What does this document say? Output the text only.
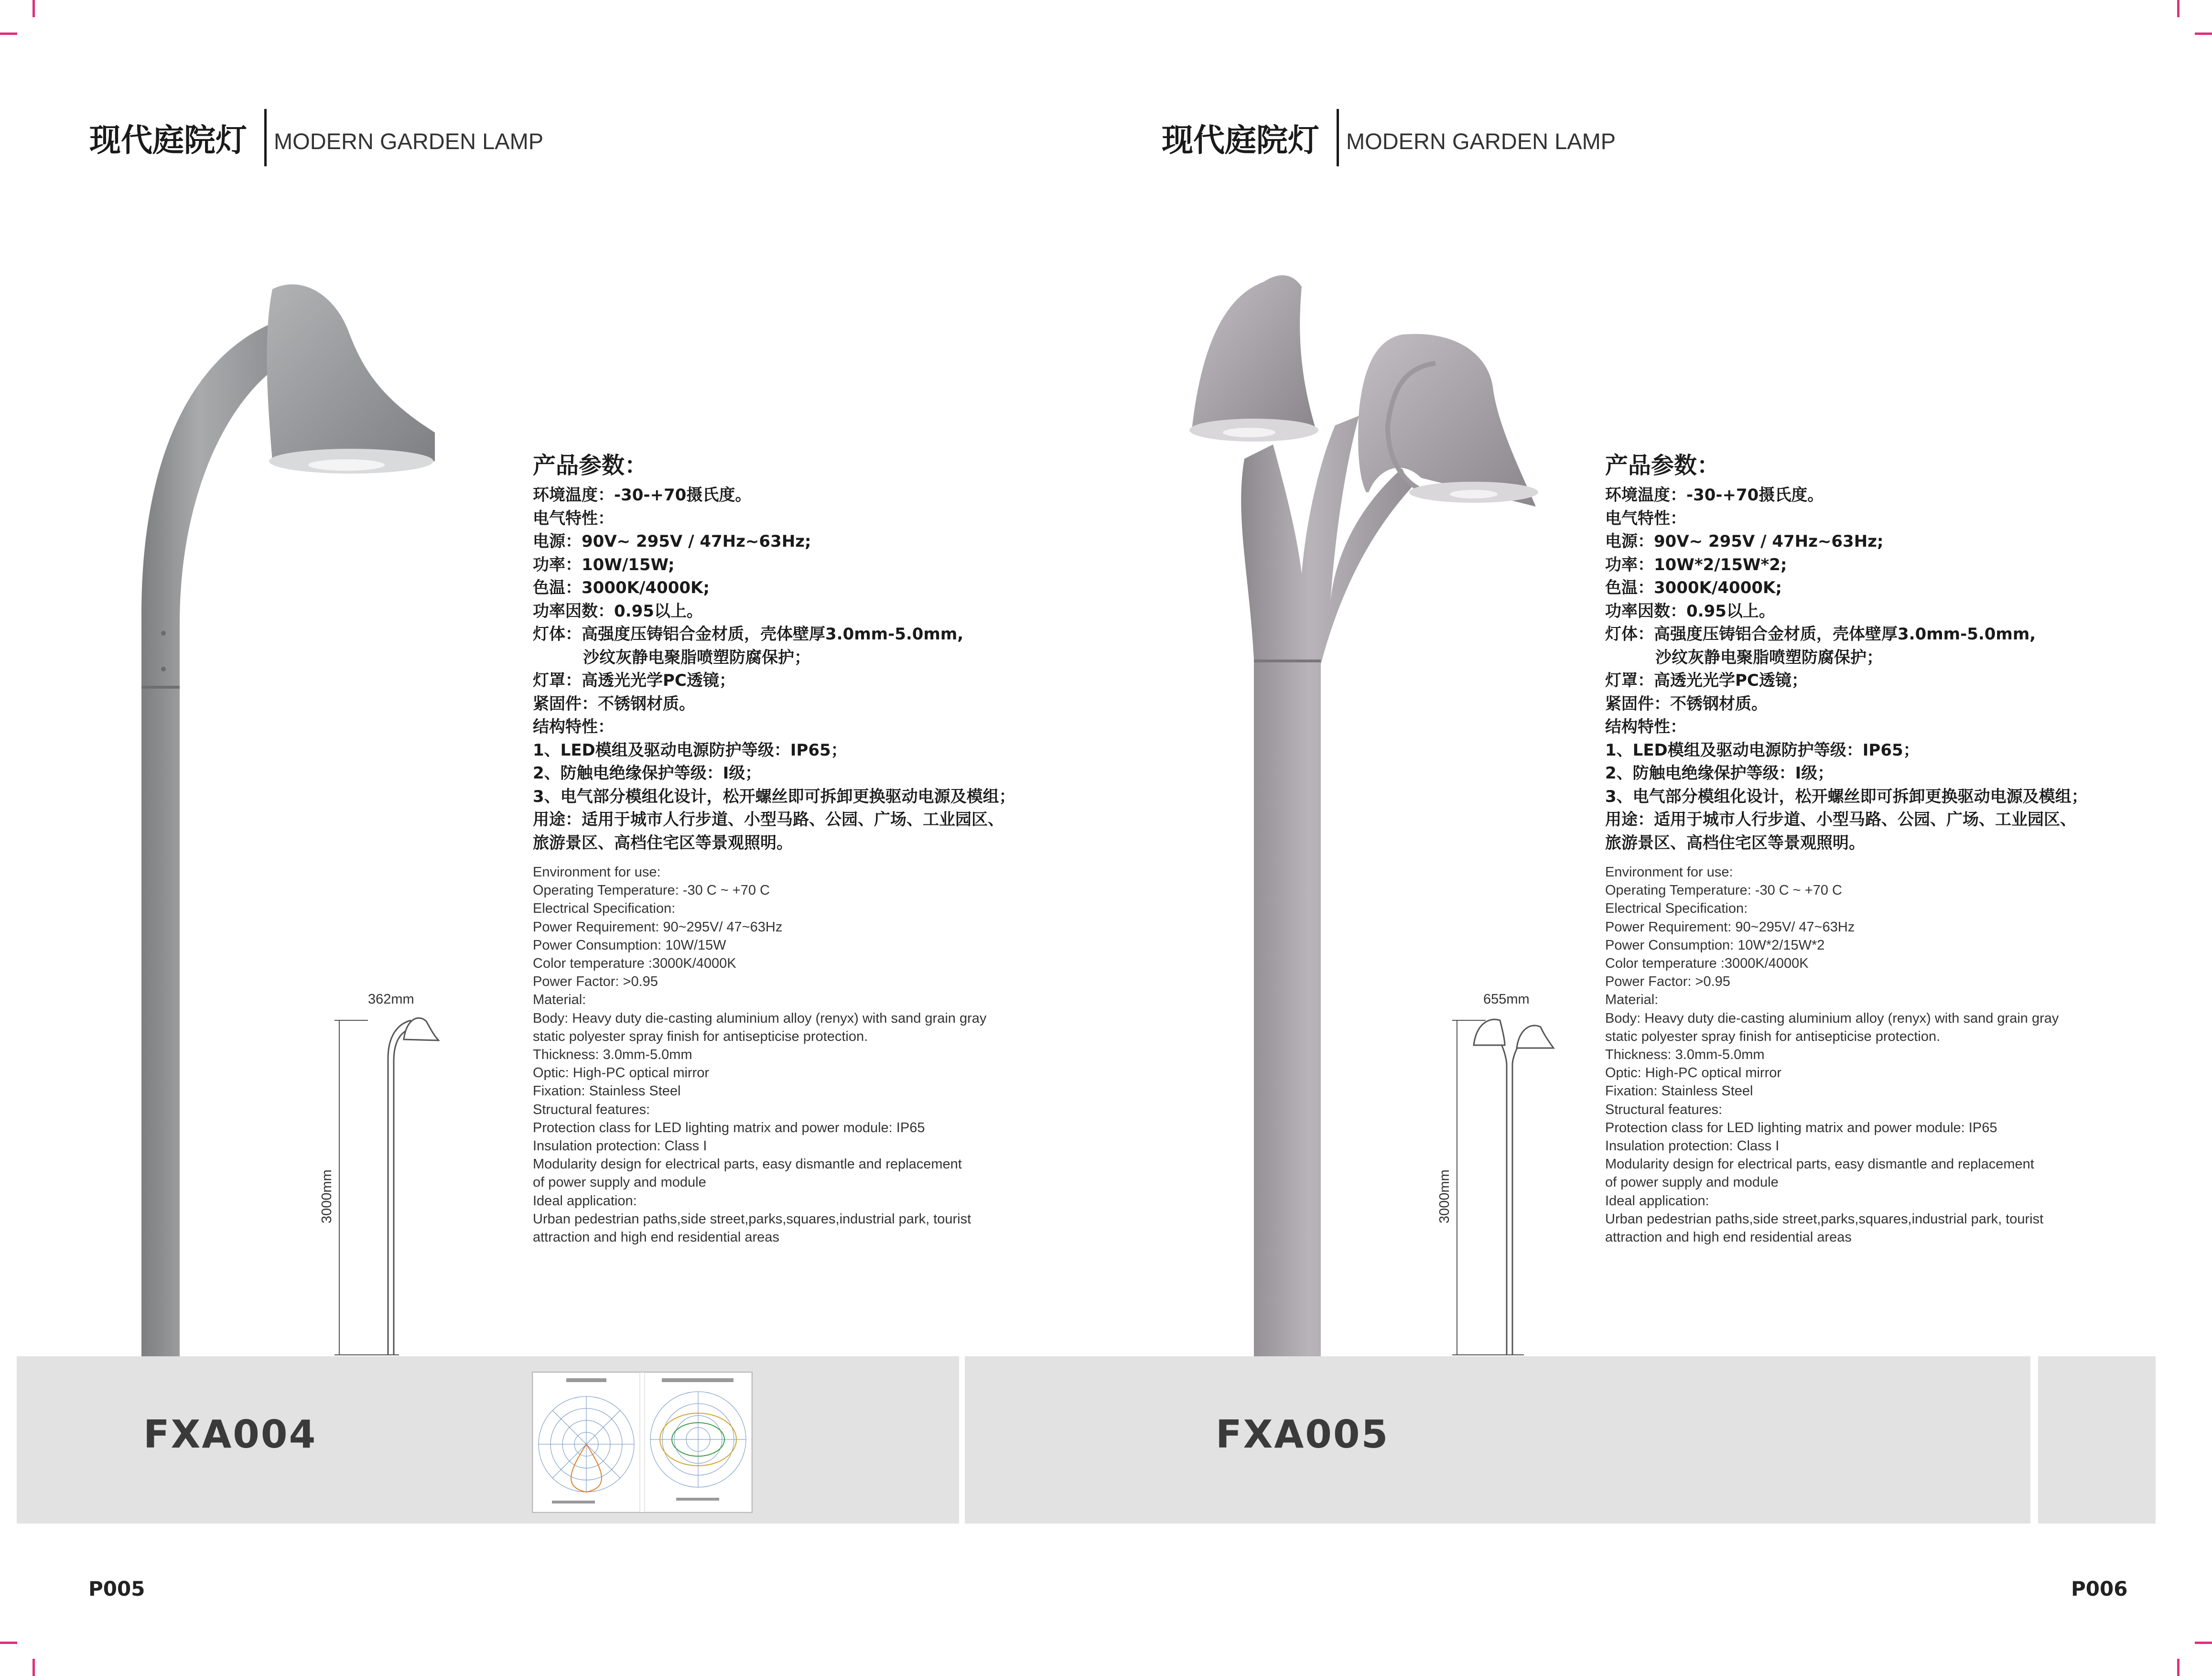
现代庭院灯 MODERN GARDEN LAMP
产品参数：
环境温度：-30-+70摄氏度。
电气特性：
电源：90V~ 295V / 47Hz~63Hz;
功率：10W/15W;
色温：3000K/4000K;
功率因数：0.95以上。
灯体：高强度压铸铝合金材质，壳体壁厚3.0mm-5.0mm,
沙纹灰静电聚脂喷塑防腐保护；
灯罩：高透光光学PC透镜；
紧固件：不锈钢材质。
结构特性：
1、LED模组及驱动电源防护等级：IP65；
2、防触电绝缘保护等级：I级；
3、电气部分模组化设计，松开螺丝即可拆卸更换驱动电源及模组；
用途：适用于城市人行步道、小型马路、公园、广场、工业园区、
旅游景区、高档住宅区等景观照明。
Environment for use:
Operating Temperature: -30 C ~ +70 C
Electrical Specification:
Power Requirement: 90~295V/ 47~63Hz
Power Consumption: 10W/15W
Color temperature :3000K/4000K
Power Factor: >0.95
Material:
Body: Heavy duty die-casting aluminium alloy (renyx) with sand grain gray
static polyester spray finish for antisepticise protection.
Thickness: 3.0mm-5.0mm
Optic: High-PC optical mirror
Fixation: Stainless Steel
Structural features:
Protection class for LED lighting matrix and power module: IP65
Insulation protection: Class I
Modularity design for electrical parts, easy dismantle and replacement
of power supply and module
Ideal application:
Urban pedestrian paths,side street,parks,squares,industrial park, tourist
attraction and high end residential areas
362mm
3000mm
FXA004
P005
现代庭院灯 MODERN GARDEN LAMP
产品参数：
环境温度：-30-+70摄氏度。
电气特性：
电源：90V~ 295V / 47Hz~63Hz;
功率：10W*2/15W*2;
色温：3000K/4000K;
功率因数：0.95以上。
灯体：高强度压铸铝合金材质，壳体壁厚3.0mm-5.0mm,
沙纹灰静电聚脂喷塑防腐保护；
灯罩：高透光光学PC透镜；
紧固件：不锈钢材质。
结构特性：
1、LED模组及驱动电源防护等级：IP65；
2、防触电绝缘保护等级：I级；
3、电气部分模组化设计，松开螺丝即可拆卸更换驱动电源及模组；
用途：适用于城市人行步道、小型马路、公园、广场、工业园区、
旅游景区、高档住宅区等景观照明。
Environment for use:
Operating Temperature: -30 C ~ +70 C
Electrical Specification:
Power Requirement: 90~295V/ 47~63Hz
Power Consumption: 10W*2/15W*2
Color temperature :3000K/4000K
Power Factor: >0.95
Material:
Body: Heavy duty die-casting aluminium alloy (renyx) with sand grain gray
static polyester spray finish for antisepticise protection.
Thickness: 3.0mm-5.0mm
Optic: High-PC optical mirror
Fixation: Stainless Steel
Structural features:
Protection class for LED lighting matrix and power module: IP65
Insulation protection: Class I
Modularity design for electrical parts, easy dismantle and replacement
of power supply and module
Ideal application:
Urban pedestrian paths,side street,parks,squares,industrial park, tourist
attraction and high end residential areas
655mm
3000mm
FXA005
P006
